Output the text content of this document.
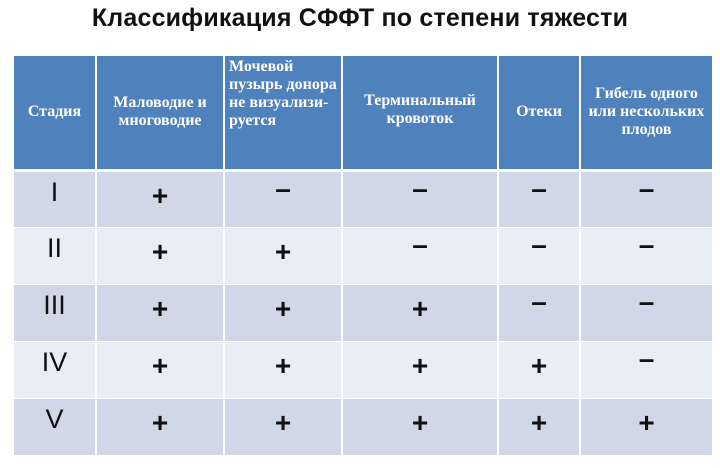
Классификация СФФТ по степени тяжести
Стадия	Маловодие и многоводие	Мочевой пузырь донора не визуализи-руется	Терминальный кровоток	Отеки	Гибель одного или нескольких плодов
I	+	–	–	–	–
II	+	+	–	–	–
III	+	+	+	–	–
IV	+	+	+	+	–
V	+	+	+	+	+
